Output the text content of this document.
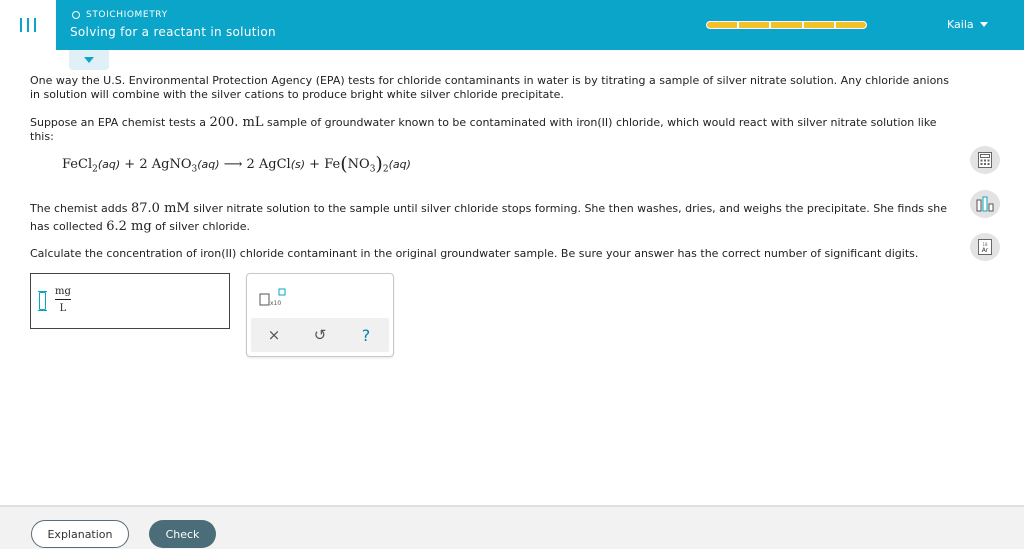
STOICHIOMETRY
Solving for a reactant in solution
Kaila
One way the U.S. Environmental Protection Agency (EPA) tests for chloride contaminants in water is by titrating a sample of silver nitrate solution. Any chloride anions in solution will combine with the silver cations to produce bright white silver chloride precipitate.
Suppose an EPA chemist tests a 200. mL sample of groundwater known to be contaminated with iron(II) chloride, which would react with silver nitrate solution like this:
FeCl$_2$(aq) + 2 AgNO$_3$(aq) ⟶ 2 AgCl(s) + $Fe(NO_3)_2(aq)$
The chemist adds 87.0 mM silver nitrate solution to the sample until silver chloride stops forming. She then washes, dries, and weighs the precipitate. She finds she has collected 6.2 mg of silver chloride.
Calculate the concentration of iron(II) chloride contaminant in the original groundwater sample. Be sure your answer has the correct number of significant digits.
$\frac{mg}{L}$	x10
×	↺	?
18
Ar
Explanation	Check
